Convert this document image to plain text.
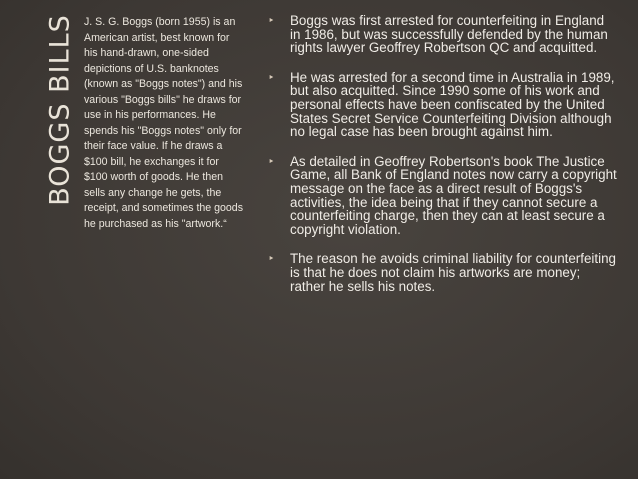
BOGGS BILLS J. S. G. Boggs (born 1955) is an American artist, best known for his hand-drawn, one-sided depictions of U.S. banknotes (known as "Boggs notes") and his various "Boggs bills" he draws for use in his performances. He spends his "Boggs notes" only for their face value. If he draws a $100 bill, he exchanges it for $100 worth of goods. He then sells any change he gets, the receipt, and sometimes the goods he purchased as his "artwork.“

‣ Boggs was first arrested for counterfeiting in England in 1986, but was successfully defended by the human rights lawyer Geoffrey Robertson QC and acquitted.
‣ He was arrested for a second time in Australia in 1989, but also acquitted. Since 1990 some of his work and personal effects have been confiscated by the United States Secret Service Counterfeiting Division although no legal case has been brought against him.
‣ As detailed in Geoffrey Robertson's book The Justice Game, all Bank of England notes now carry a copyright message on the face as a direct result of Boggs's activities, the idea being that if they cannot secure a counterfeiting charge, then they can at least secure a copyright violation.
‣ The reason he avoids criminal liability for counterfeiting is that he does not claim his artworks are money; rather he sells his notes.
